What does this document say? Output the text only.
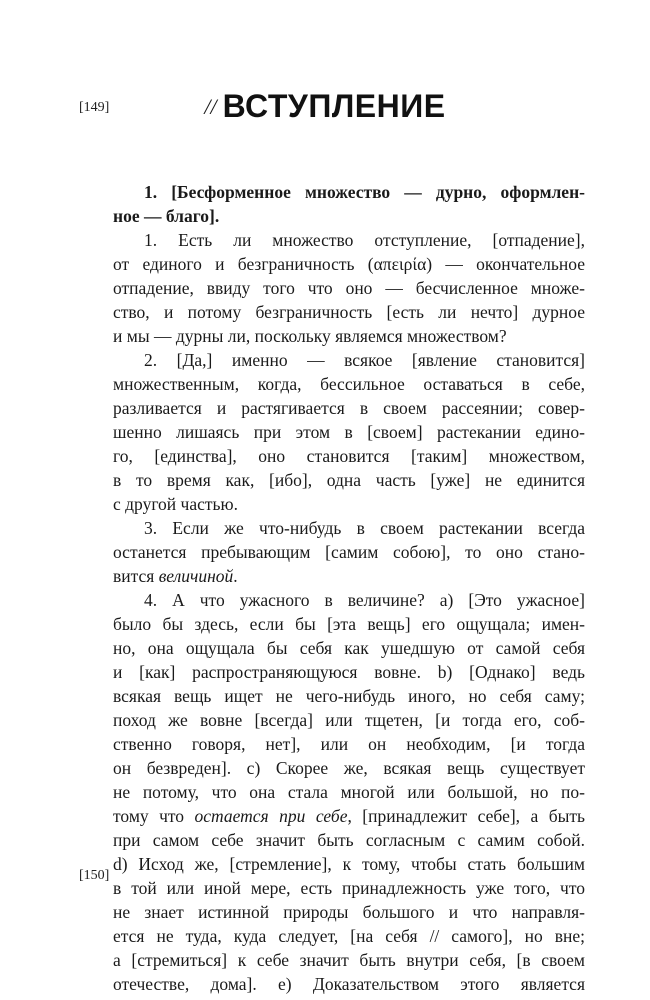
[149]	// ВСТУПЛЕНИЕ
1. [Бесформенное множество — дурно, оформлен-
ное — благо].
1. Есть ли множество отступление, [отпадение],
от единого и безграничность (απειρία) — окончательное
отпадение, ввиду того что оно — бесчисленное множе-
ство, и потому безграничность [есть ли нечто] дурное
и мы — дурны ли, поскольку являемся множеством?
2. [Да,] именно — всякое [явление становится]
множественным, когда, бессильное оставаться в себе,
разливается и растягивается в своем рассеянии; совер-
шенно лишаясь при этом в [своем] растекании едино-
го, [единства], оно становится [таким] множеством,
в то время как, [ибо], одна часть [уже] не единится
с другой частью.
3. Если же что-нибудь в своем растекании всегда
останется пребывающим [самим собою], то оно стано-
вится величиной.
4. А что ужасного в величине? a) [Это ужасное]
было бы здесь, если бы [эта вещь] его ощущала; имен-
но, она ощущала бы себя как ушедшую от самой себя
и [как] распространяющуюся вовне. b) [Однако] ведь
всякая вещь ищет не чего-нибудь иного, но себя саму;
поход же вовне [всегда] или тщетен, [и тогда его, соб-
ственно говоря, нет], или он необходим, [и тогда
он безвреден]. c) Скорее же, всякая вещь существует
не потому, что она стала многой или большой, но по-
тому что остается при себе, [принадлежит себе], а быть
при самом себе значит быть согласным с самим собой.
d) Исход же, [стремление], к тому, чтобы стать большим
в той или иной мере, есть принадлежность уже того, что
не знает истинной природы большого и что направля-
ется не туда, куда следует, [на себя // самого], но вне;
а [стремиться] к себе значит быть внутри себя, [в своем
отечестве, дома]. e) Доказательством этого является
[150]
